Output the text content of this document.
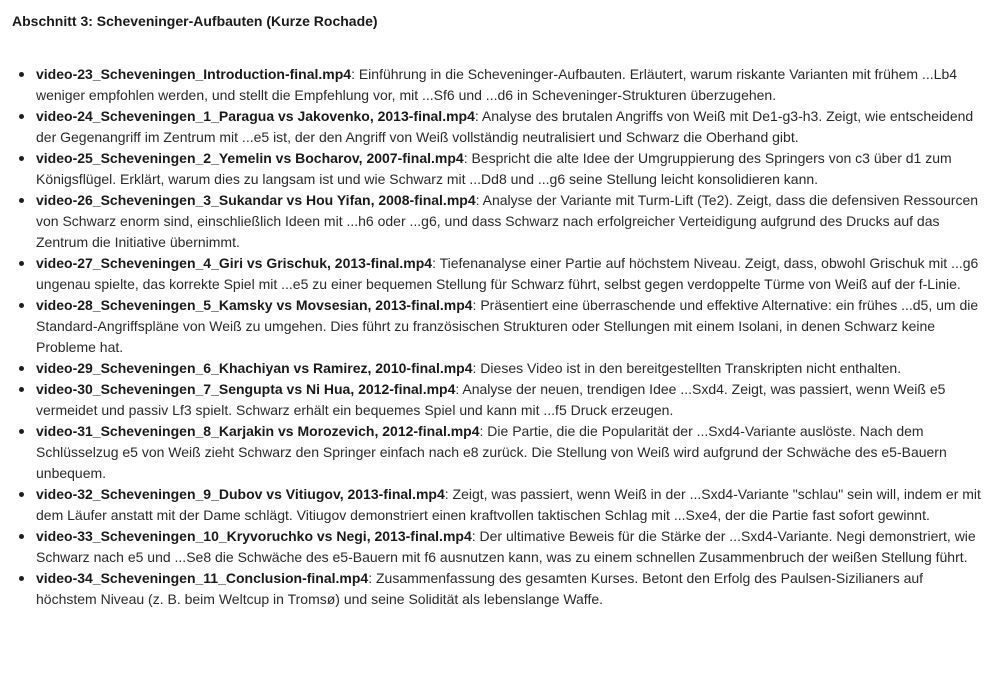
Abschnitt 3: Scheveninger-Aufbauten (Kurze Rochade)
video-23_Scheveningen_Introduction-final.mp4: Einführung in die Scheveninger-Aufbauten. Erläutert, warum riskante Varianten mit frühem ...Lb4 weniger empfohlen werden, und stellt die Empfehlung vor, mit ...Sf6 und ...d6 in Scheveninger-Strukturen überzugehen.
video-24_Scheveningen_1_Paragua vs Jakovenko, 2013-final.mp4: Analyse des brutalen Angriffs von Weiß mit De1-g3-h3. Zeigt, wie entscheidend der Gegenangriff im Zentrum mit ...e5 ist, der den Angriff von Weiß vollständig neutralisiert und Schwarz die Oberhand gibt.
video-25_Scheveningen_2_Yemelin vs Bocharov, 2007-final.mp4: Bespricht die alte Idee der Umgruppierung des Springers von c3 über d1 zum Königsflügel. Erklärt, warum dies zu langsam ist und wie Schwarz mit ...Dd8 und ...g6 seine Stellung leicht konsolidieren kann.
video-26_Scheveningen_3_Sukandar vs Hou Yifan, 2008-final.mp4: Analyse der Variante mit Turm-Lift (Te2). Zeigt, dass die defensiven Ressourcen von Schwarz enorm sind, einschließlich Ideen mit ...h6 oder ...g6, und dass Schwarz nach erfolgreicher Verteidigung aufgrund des Drucks auf das Zentrum die Initiative übernimmt.
video-27_Scheveningen_4_Giri vs Grischuk, 2013-final.mp4: Tiefenanalyse einer Partie auf höchstem Niveau. Zeigt, dass, obwohl Grischuk mit ...g6 ungenau spielte, das korrekte Spiel mit ...e5 zu einer bequemen Stellung für Schwarz führt, selbst gegen verdoppelte Türme von Weiß auf der f-Linie.
video-28_Scheveningen_5_Kamsky vs Movsesian, 2013-final.mp4: Präsentiert eine überraschende und effektive Alternative: ein frühes ...d5, um die Standard-Angriffspläne von Weiß zu umgehen. Dies führt zu französischen Strukturen oder Stellungen mit einem Isolani, in denen Schwarz keine Probleme hat.
video-29_Scheveningen_6_Khachiyan vs Ramirez, 2010-final.mp4: Dieses Video ist in den bereitgestellten Transkripten nicht enthalten.
video-30_Scheveningen_7_Sengupta vs Ni Hua, 2012-final.mp4: Analyse der neuen, trendigen Idee ...Sxd4. Zeigt, was passiert, wenn Weiß e5 vermeidet und passiv Lf3 spielt. Schwarz erhält ein bequemes Spiel und kann mit ...f5 Druck erzeugen.
video-31_Scheveningen_8_Karjakin vs Morozevich, 2012-final.mp4: Die Partie, die die Popularität der ...Sxd4-Variante auslöste. Nach dem Schlüsselzug e5 von Weiß zieht Schwarz den Springer einfach nach e8 zurück. Die Stellung von Weiß wird aufgrund der Schwäche des e5-Bauern unbequem.
video-32_Scheveningen_9_Dubov vs Vitiugov, 2013-final.mp4: Zeigt, was passiert, wenn Weiß in der ...Sxd4-Variante "schlau" sein will, indem er mit dem Läufer anstatt mit der Dame schlägt. Vitiugov demonstriert einen kraftvollen taktischen Schlag mit ...Sxe4, der die Partie fast sofort gewinnt.
video-33_Scheveningen_10_Kryvoruchko vs Negi, 2013-final.mp4: Der ultimative Beweis für die Stärke der ...Sxd4-Variante. Negi demonstriert, wie Schwarz nach e5 und ...Se8 die Schwäche des e5-Bauern mit f6 ausnutzen kann, was zu einem schnellen Zusammenbruch der weißen Stellung führt.
video-34_Scheveningen_11_Conclusion-final.mp4: Zusammenfassung des gesamten Kurses. Betont den Erfolg des Paulsen-Sizilianers auf höchstem Niveau (z. B. beim Weltcup in Tromsø) und seine Solidität als lebenslange Waffe.
